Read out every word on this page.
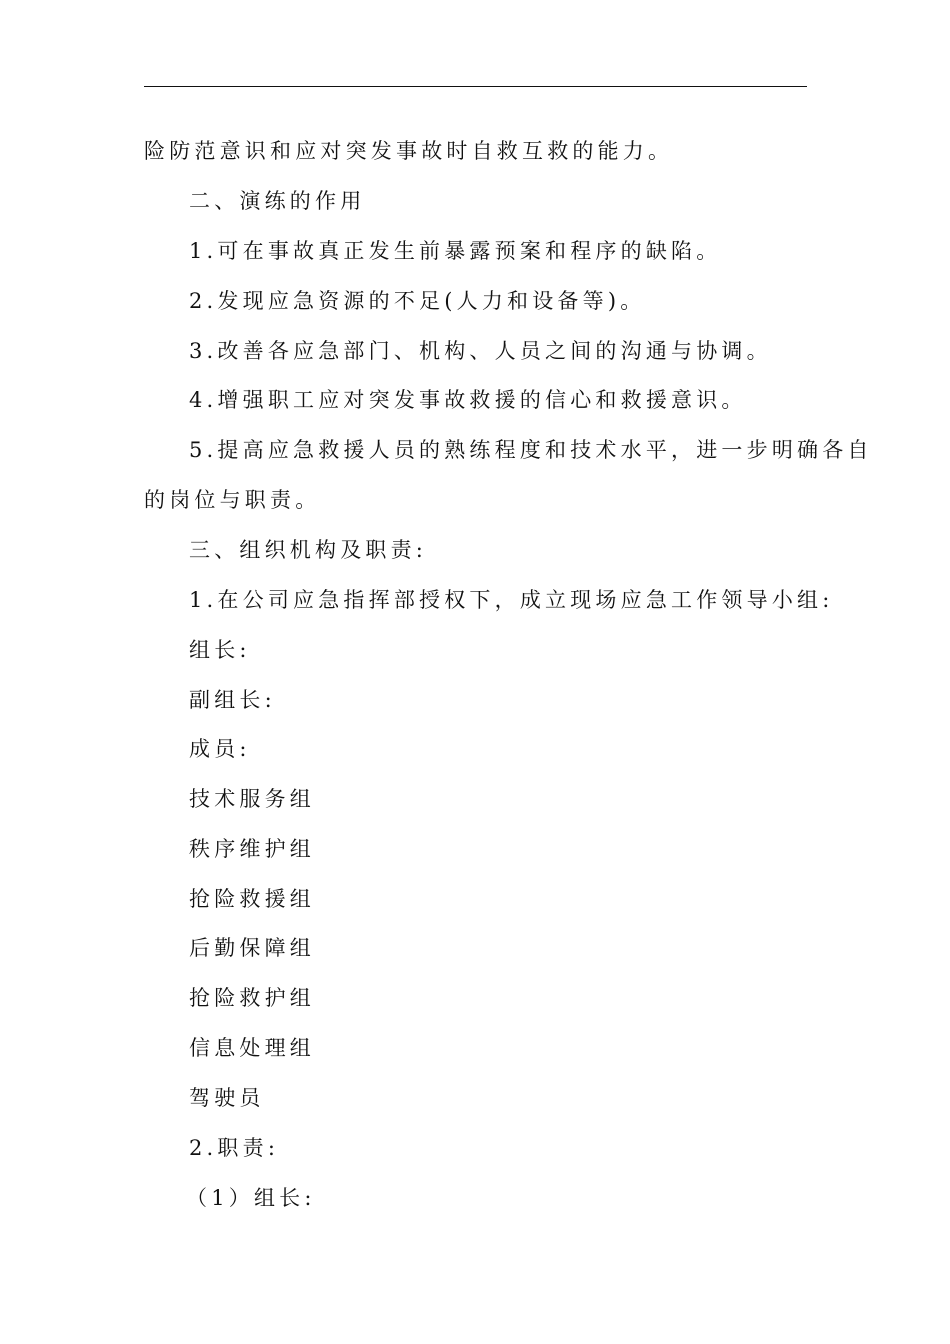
险防范意识和应对突发事故时自救互救的能力。
二、演练的作用
1.可在事故真正发生前暴露预案和程序的缺陷。
2.发现应急资源的不足(人力和设备等)。
3.改善各应急部门、机构、人员之间的沟通与协调。
4.增强职工应对突发事故救援的信心和救援意识。
5.提高应急救援人员的熟练程度和技术水平，进一步明确各自
的岗位与职责。
三、组织机构及职责:
1.在公司应急指挥部授权下，成立现场应急工作领导小组:
组长:
副组长:
成员:
技术服务组
秩序维护组
抢险救援组
后勤保障组
抢险救护组
信息处理组
驾驶员
2.职责:
（1）组长:
